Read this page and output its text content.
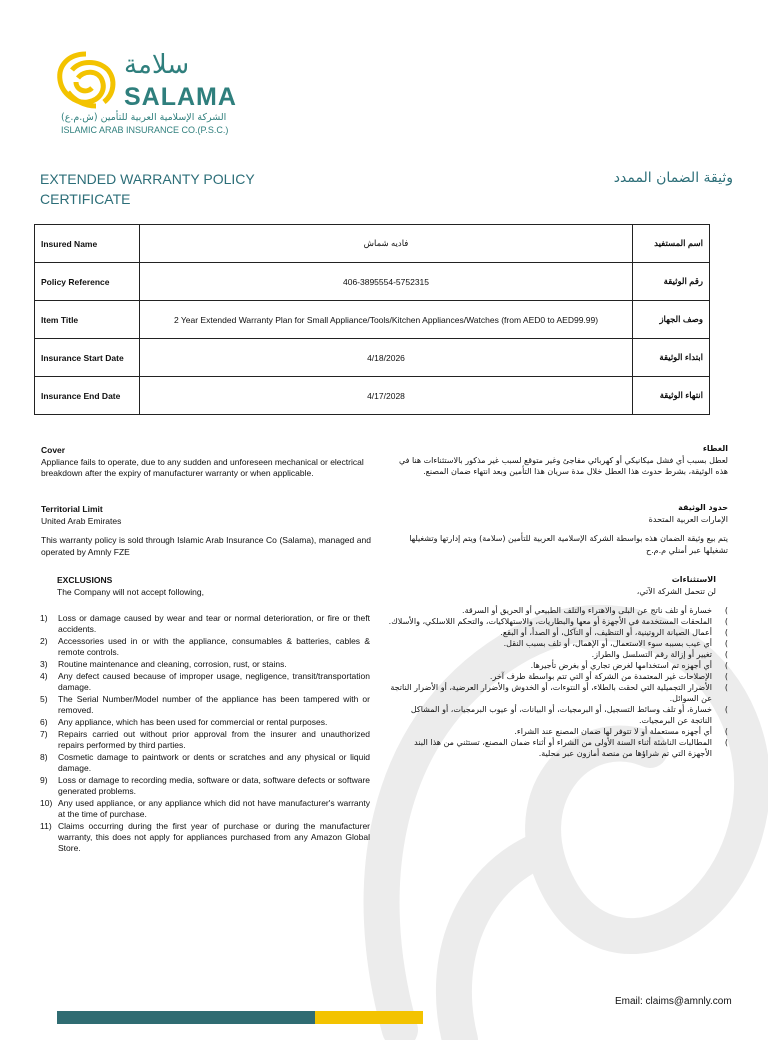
سلامة
SALAMA
الشركة الإسلامية العربية للتأمين (ش.م.ع)
ISLAMIC ARAB INSURANCE CO.(P.S.C.)
EXTENDED WARRANTY POLICY CERTIFICATE
وثيقة الضمان الممدد
Insured Name	فاديه شماش	اسم المستفيد
Policy Reference	406-3895554-5752315	رقم الوثيقة
Item Title	2 Year Extended Warranty Plan for Small Appliance/Tools/Kitchen Appliances/Watches (from AED0 to AED99.99)	وصف الجهاز
Insurance Start Date	4/18/2026	ابتداء الوثيقة
Insurance End Date	4/17/2028	انتهاء الوثيقة
Cover
Appliance fails to operate, due to any sudden and unforeseen mechanical or electrical breakdown after the expiry of manufacturer warranty or when applicable.
الغطاء
لعطل بسبب أي فشل ميكانيكي أو كهربائي مفاجئ وغير متوقع لسبب غير مذكور بالاستثناءات هنا في هذه الوثيقة، بشرط حدوث هذا العطل خلال مدة سريان هذا التأمين وبعد انتهاء ضمان المصنع.
Territorial Limit
United Arab Emirates
This warranty policy is sold through Islamic Arab Insurance Co (Salama), managed and operated by Amnly FZE
حدود الوثيقة
الإمارات العربية المتحدة
يتم بيع وثيقة الضمان هذه بواسطة الشركة الإسلامية العربية للتأمين (سلامة) ويتم إدارتها وتشغيلها تشغيلها عبر أمنلي م.م.ح
EXCLUSIONS
The Company will not accept following,
الاستثناءات
لن تتحمل الشركة الآتي،
1) Loss or damage caused by wear and tear or normal deterioration, or fire or theft accidents.
2) Accessories used in or with the appliance, consumables & batteries, cables & remote controls.
3) Routine maintenance and cleaning, corrosion, rust, or stains.
4) Any defect caused because of improper usage, negligence, transit/transportation damage.
5) The Serial Number/Model number of the appliance has been tampered with or removed.
6) Any appliance, which has been used for commercial or rental purposes.
7) Repairs carried out without prior approval from the insurer and unauthorized repairs performed by third parties.
8) Cosmetic damage to paintwork or dents or scratches and any physical or liquid damage.
9) Loss or damage to recording media, software or data, software defects or software generated problems.
10) Any used appliance, or any appliance which did not have manufacturer's warranty at the time of purchase.
11) Claims occurring during the first year of purchase or during the manufacturer warranty, this does not apply for appliances purchased from any Amazon Global Store.
)
خسارة أو تلف ناتج عن البلى والاهتراء والتلف الطبيعي أو الحريق أو السرقة.
)
الملحقات المستخدمة في الأجهزة أو معها والبطاريات، والاستهلاكيات، والتحكم اللاسلكي، والأسلاك.
)
أعمال الصيانة الروتينية، أو التنظيف، أو التآكل، أو الصدأ، أو البقع.
)
أي عيب بسببه سوء الاستعمال، أو الإهمال، أو تلف بسبب النقل.
)
تغيير أو إزالة رقم التسلسل والطراز.
)
أي أجهزه تم استخدامها لغرض تجاري أو بغرض تأجيرها.
)
الإصلاحات غير المعتمدة من الشركة أو التي تتم بواسطة طرف آخر.
)
الأضرار التجميلية التي لحقت بالطلاء، أو النتوءات، أو الخدوش والأضرار العرضية، أو الأضرار الناتجة عن السوائل.
)
خسارة، أو تلف وسائط التسجيل، أو البرمجيات، أو البيانات، أو عيوب البرمجيات، أو المشاكل الناتجة عن البرمجيات.
)
أي أجهزه مستعملة أو لا تتوفر لها ضمان المصنع عند الشراء.
)
المطالبات الناشئة أثناء السنة الأولى من الشراء أو أثناء ضمان المصنع، تستثني من هذا البند الأجهزة التي تم شراؤها من منصة أمازون عبر محلية.
Email: claims@amnly.com
